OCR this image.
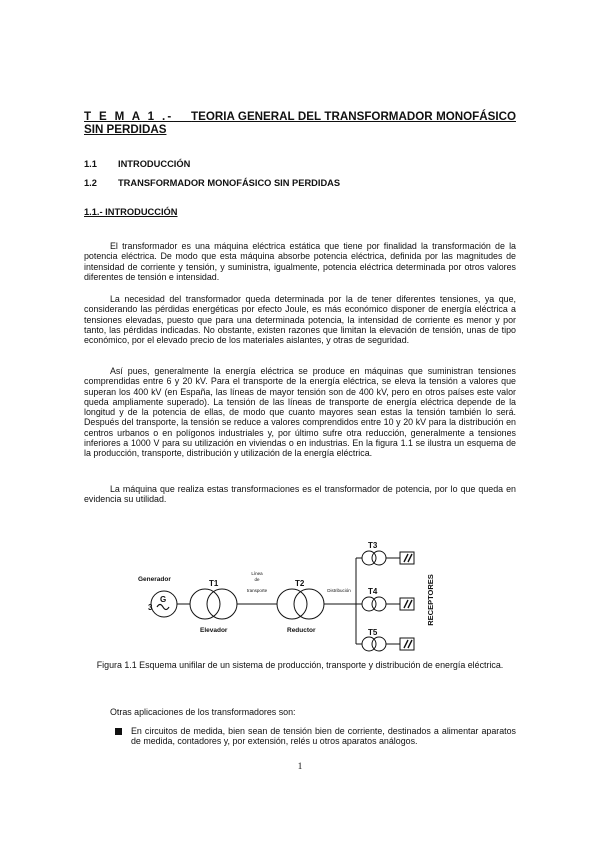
T E M A 1 .- TEORIA GENERAL DEL TRANSFORMADOR MONOFÁSICO SIN PERDIDAS
1.1 INTRODUCCIÓN
1.2 TRANSFORMADOR MONOFÁSICO SIN PERDIDAS
1.1.- INTRODUCCIÓN
El transformador es una máquina eléctrica estática que tiene por finalidad la transformación de la potencia eléctrica. De modo que esta máquina absorbe potencia eléctrica, definida por las magnitudes de intensidad de corriente y tensión, y suministra, igualmente, potencia eléctrica determinada por otros valores diferentes de tensión e intensidad.
La necesidad del transformador queda determinada por la de tener diferentes tensiones, ya que, considerando las pérdidas energéticas por efecto Joule, es más económico disponer de energía eléctrica a tensiones elevadas, puesto que para una determinada potencia, la intensidad de corriente es menor y por tanto, las pérdidas indicadas. No obstante, existen razones que limitan la elevación de tensión, unas de tipo económico, por el elevado precio de los materiales aislantes, y otras de seguridad.
Así pues, generalmente la energía eléctrica se produce en máquinas que suministran tensiones comprendidas entre 6 y 20 kV. Para el transporte de la energía eléctrica, se eleva la tensión a valores que superan los 400 kV (en España, las líneas de mayor tensión son de 400 kV, pero en otros países este valor queda ampliamente superado). La tensión de las líneas de transporte de energía eléctrica depende de la longitud y de la potencia de ellas, de modo que cuanto mayores sean estas la tensión también lo será. Después del transporte, la tensión se reduce a valores comprendidos entre 10 y 20 kV para la distribución en centros urbanos o en polígonos industriales y, por último sufre otra reducción, generalmente a tensiones inferiores a 1000 V para su utilización en viviendas o en industrias. En la figura 1.1 se ilustra un esquema de la producción, transporte, distribución y utilización de la energía eléctrica.
La máquina que realiza estas transformaciones es el transformador de potencia, por lo que queda en evidencia su utilidad.
Generador
G
3
T1
Elevador
Línea
de
transporte
T2
Reductor
Distribución
T3
T4
T5
RECEPTORES
Figura 1.1 Esquema unifilar de un sistema de producción, transporte y distribución de energía eléctrica.
Otras aplicaciones de los transformadores son:
En circuitos de medida, bien sean de tensión bien de corriente, destinados a alimentar aparatos de medida, contadores y, por extensión, relés u otros aparatos análogos.
1
